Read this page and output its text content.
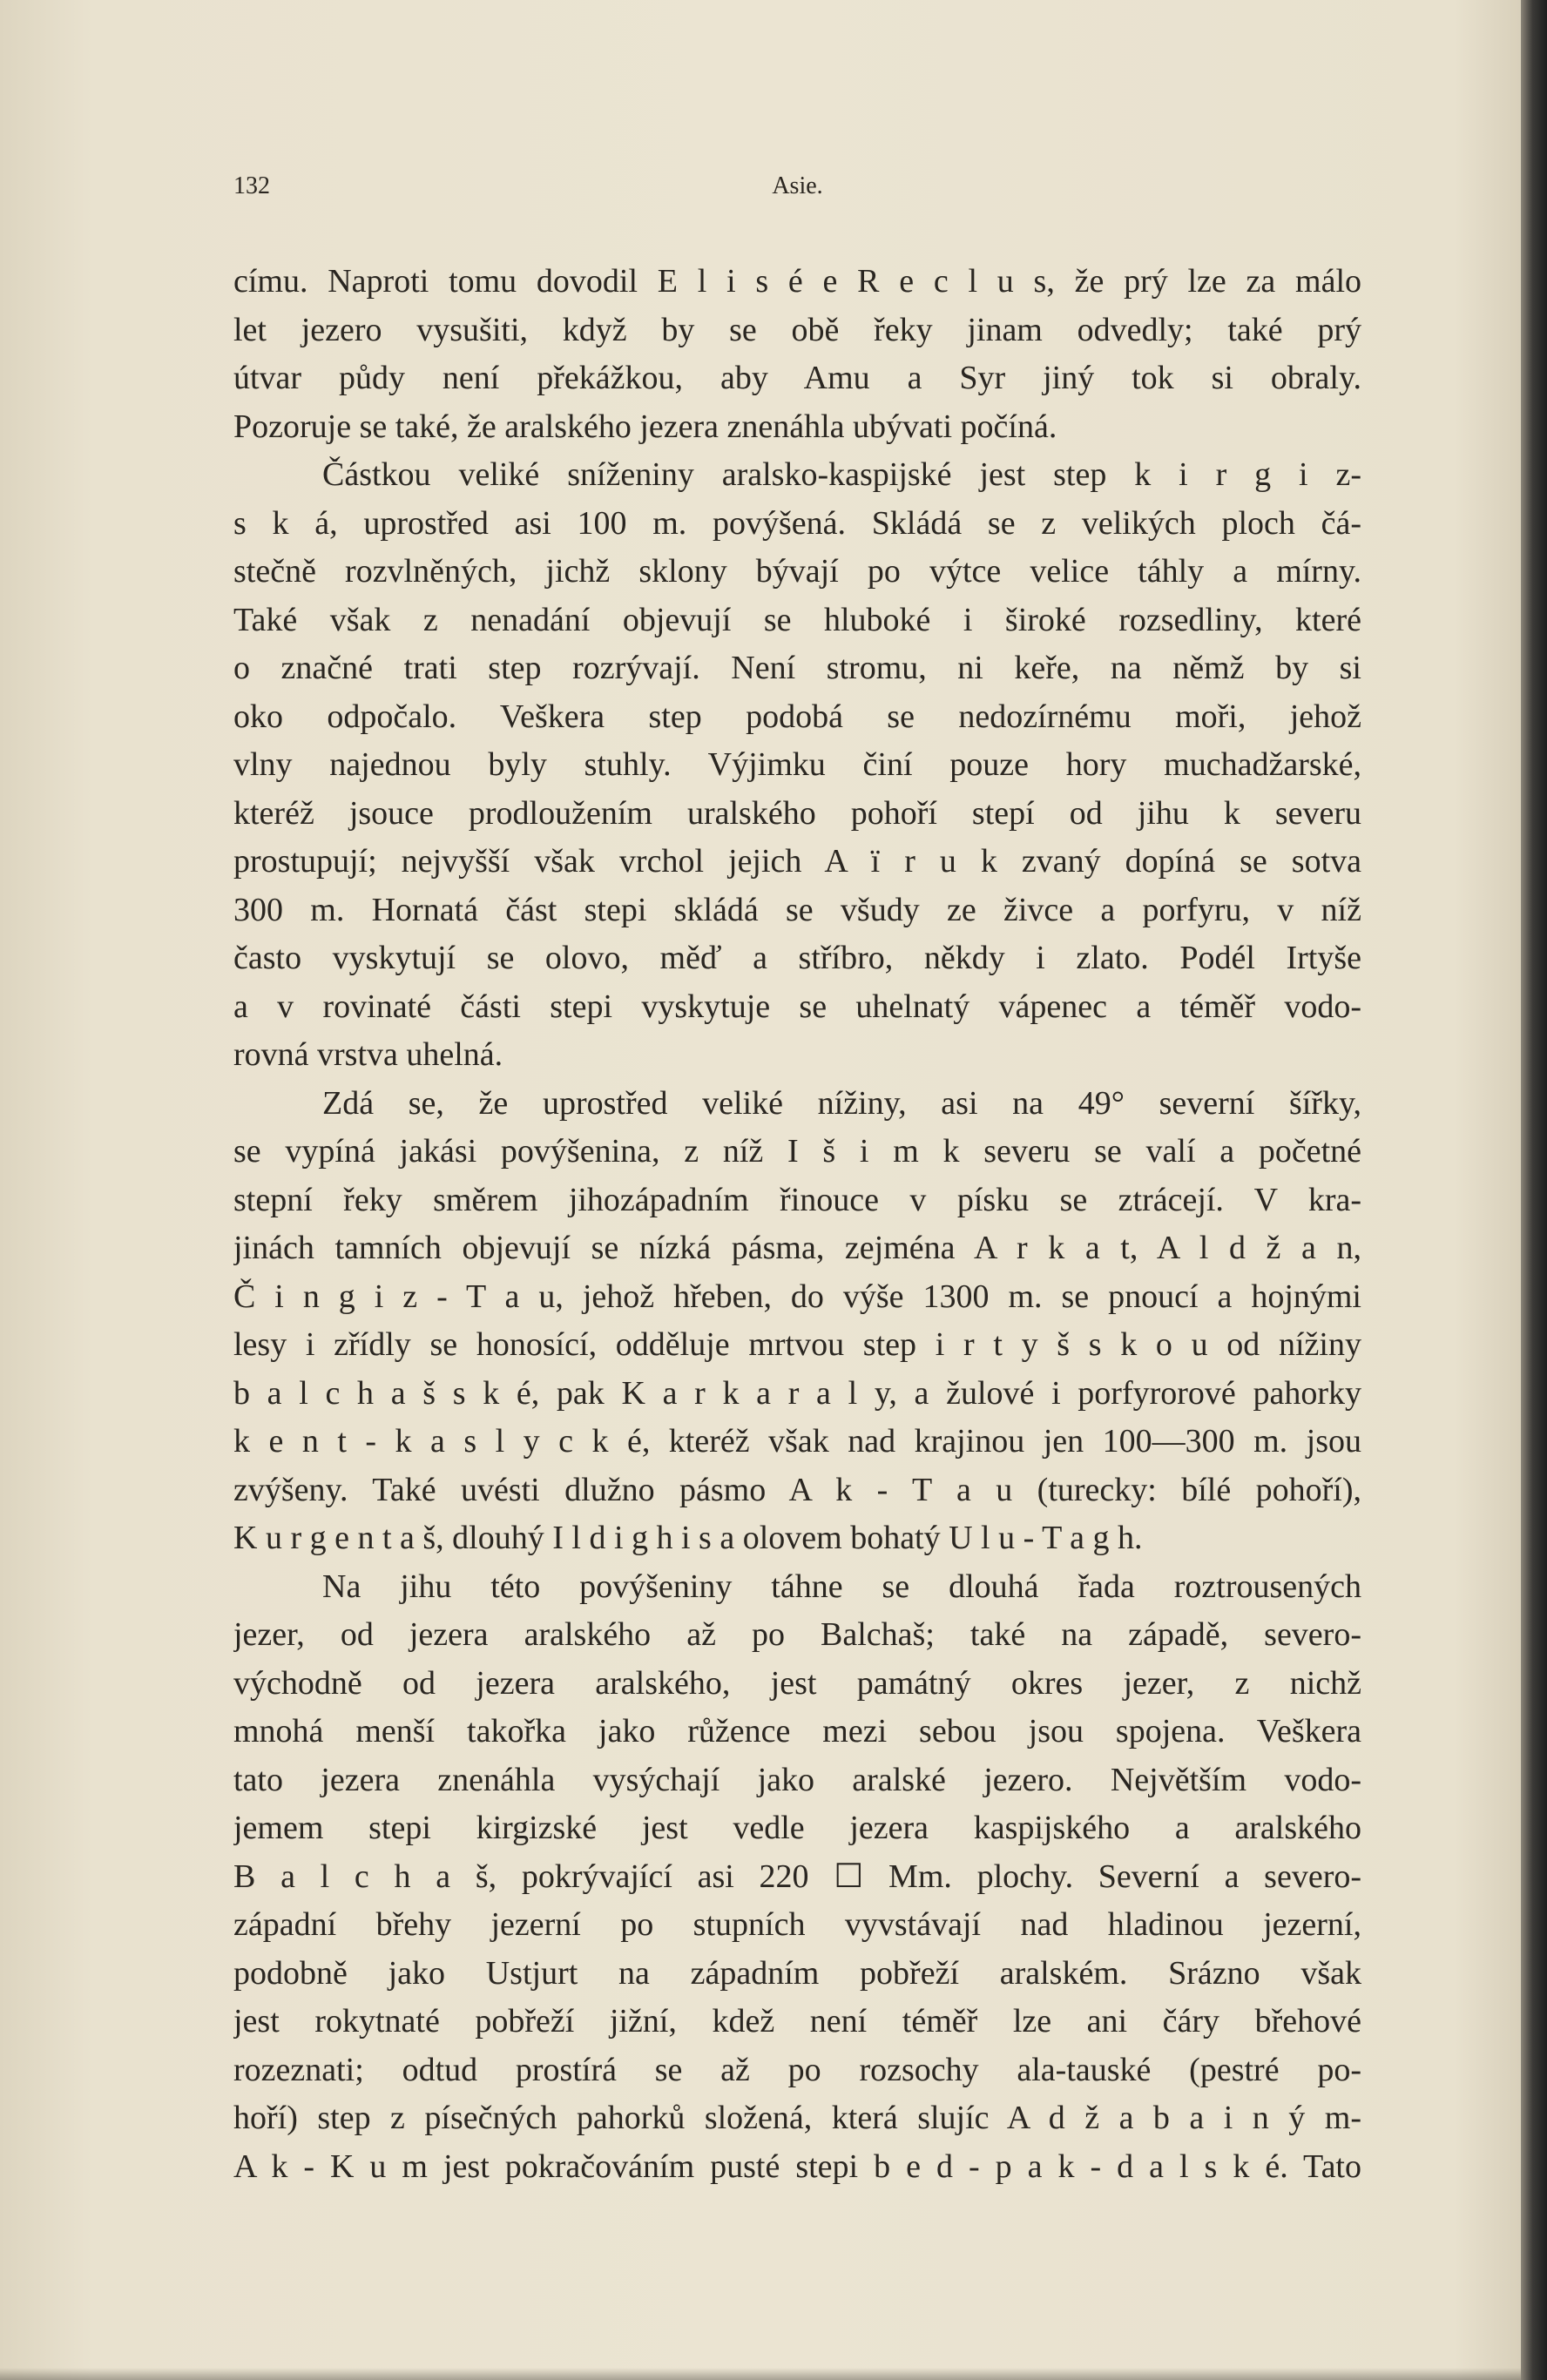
132	Asie.
címu. Naproti tomu dovodil E l i s é e R e c l u s, že prý lze za málo
let jezero vysušiti, když by se obě řeky jinam odvedly; také prý
útvar půdy není překážkou, aby Amu a Syr jiný tok si obraly.
Pozoruje se také, že aralského jezera znenáhla ubývati počíná.
Částkou veliké sníženiny aralsko-kaspijské jest step k i r g i z-
s k á, uprostřed asi 100 m. povýšená. Skládá se z velikých ploch čá-
stečně rozvlněných, jichž sklony bývají po výtce velice táhly a mírny.
Také však z nenadání objevují se hluboké i široké rozsedliny, které
o značné trati step rozrývají. Není stromu, ni keře, na němž by si
oko odpočalo. Veškera step podobá se nedozírnému moři, jehož
vlny najednou byly stuhly. Výjimku činí pouze hory muchadžarské,
kteréž jsouce prodloužením uralského pohoří stepí od jihu k severu
prostupují; nejvyšší však vrchol jejich A ï r u k zvaný dopíná se sotva
300 m. Hornatá část stepi skládá se všudy ze živce a porfyru, v níž
často vyskytují se olovo, měď a stříbro, někdy i zlato. Podél Irtyše
a v rovinaté části stepi vyskytuje se uhelnatý vápenec a téměř vodo-
rovná vrstva uhelná.
Zdá se, že uprostřed veliké nížiny, asi na 49° severní šířky,
se vypíná jakási povýšenina, z níž I š i m k severu se valí a početné
stepní řeky směrem jihozápadním řinouce v písku se ztrácejí. V kra-
jinách tamních objevují se nízká pásma, zejména A r k a t, A l d ž a n,
Č i n g i z - T a u, jehož hřeben, do výše 1300 m. se pnoucí a hojnými
lesy i zřídly se honosící, odděluje mrtvou step i r t y š s k o u od nížiny
b a l c h a š s k é, pak K a r k a r a l y, a žulové i porfyrorové pahorky
k e n t - k a s l y c k é, kteréž však nad krajinou jen 100—300 m. jsou
zvýšeny. Také uvésti dlužno pásmo A k - T a u (turecky: bílé pohoří),
K u r g e n t a š, dlouhý I l d i g h i s a olovem bohatý U l u - T a g h.
Na jihu této povýšeniny táhne se dlouhá řada roztrousených
jezer, od jezera aralského až po Balchaš; také na západě, severo-
východně od jezera aralského, jest památný okres jezer, z nichž
mnohá menší takořka jako růžence mezi sebou jsou spojena. Veškera
tato jezera znenáhla vysýchají jako aralské jezero. Největším vodo-
jemem stepi kirgizské jest vedle jezera kaspijského a aralského
B a l c h a š, pokrývající asi 220 ☐ Mm. plochy. Severní a severo-
západní břehy jezerní po stupních vyvstávají nad hladinou jezerní,
podobně jako Ustjurt na západním pobřeží aralském. Srázno však
jest rokytnaté pobřeží jižní, kdež není téměř lze ani čáry břehové
rozeznati; odtud prostírá se až po rozsochy ala-tauské (pestré po-
hoří) step z písečných pahorků složená, která slujíc A d ž a b a i n ý m-
A k - K u m jest pokračováním pusté stepi b e d - p a k - d a l s k é. Tato
